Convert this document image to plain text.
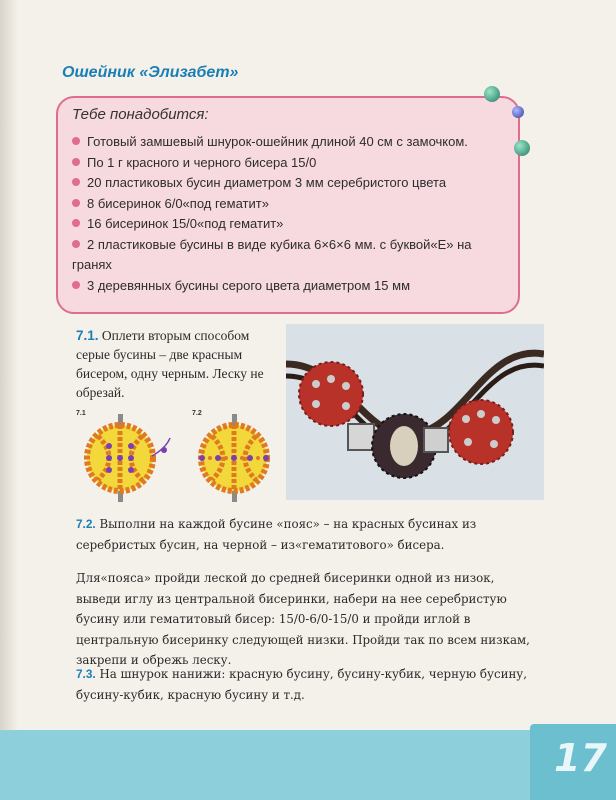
Ошейник «Элизабет»
Тебе понадобится:
Готовый замшевый шнурок-ошейник длиной 40 см с замочком.
По 1 г красного и черного бисера 15/0
20 пластиковых бусин диаметром 3 мм серебристого цвета
8 бисеринок 6/0«под гематит»
16 бисеринок 15/0«под гематит»
2 пластиковые бусины в виде кубика 6×6×6 мм. с буквой«Е» на гранях
3 деревянных бусины серого цвета диаметром 15 мм
7.1. Оплети вторым способом серые бусины – две красным бисером, одну черным. Леску не обрезай.
7.1	7.2

7.2. Выполни на каждой бусине «пояс» – на красных бусинах из серебристых бусин, на черной – из«гематитового» бисера.

Для«пояса» пройди леской до средней бисеринки одной из низок, выведи иглу из центральной бисеринки, набери на нее серебристую бусину или гематитовый бисер: 15/0-6/0-15/0 и пройди иглой в центральную бисеринку следующей низки. Пройди так по всем низкам, закрепи и обрежь леску.

7.3. На шнурок нанижи: красную бусину, бусину-кубик, черную бусину, бусину-кубик, красную бусину и т.д.

17
